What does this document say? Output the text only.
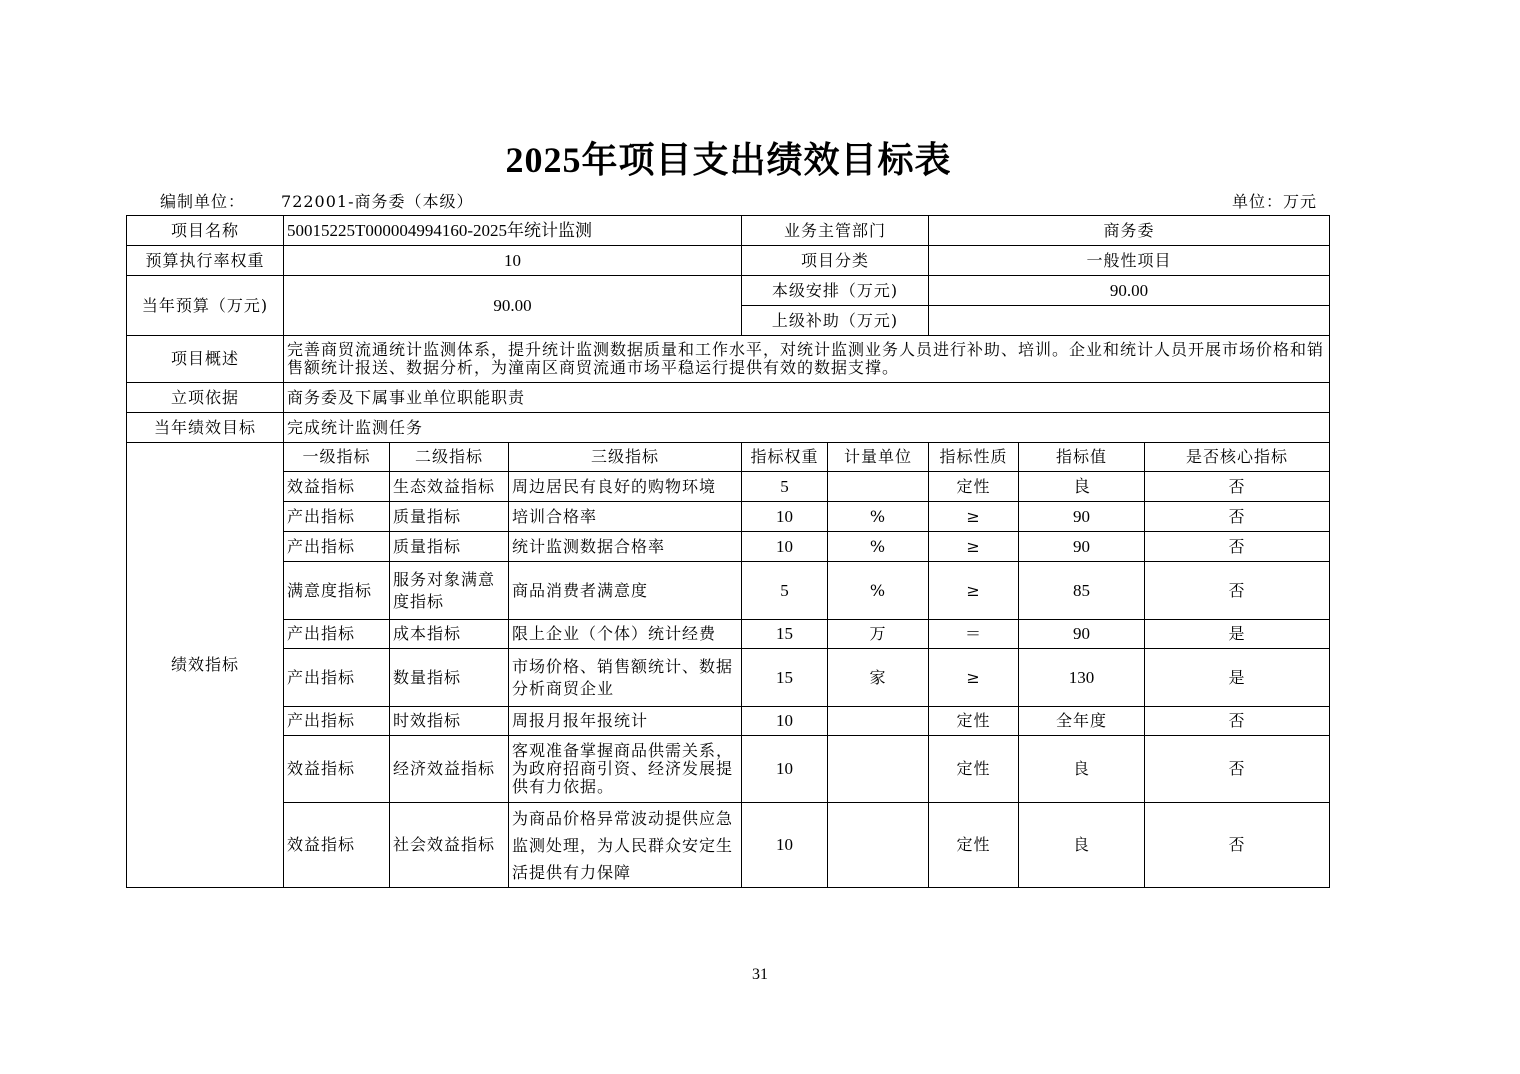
2025年项目支出绩效目标表
编制单位： 722001-商务委（本级）	单位：万元
项目名称	50015225T000004994160-2025年统计监测			业务主管部门		商务委		
预算执行率权重	10			项目分类		一般性项目		
当年预算（万元)	90.00			本级安排（万元)		90.00		
				上级补助（万元)				
项目概述	完善商贸流通统计监测体系，提升统计监测数据质量和工作水平，对统计监测业务人员进行补助、培训。企业和统计人员开展市场价格和销售额统计报送、数据分析，为潼南区商贸流通市场平稳运行提供有效的数据支撑。							
立项依据	商务委及下属事业单位职能职责							
当年绩效目标	完成统计监测任务							
绩效指标	一级指标	二级指标	三级指标	指标权重	计量单位	指标性质	指标值	是否核心指标
	效益指标	生态效益指标	周边居民有良好的购物环境	5		定性	良	否
	产出指标	质量指标	培训合格率	10	%	≥	90	否
	产出指标	质量指标	统计监测数据合格率	10	%	≥	90	否
	满意度指标	服务对象满意度指标	商品消费者满意度	5	%	≥	85	否
	产出指标	成本指标	限上企业（个体）统计经费	15	万	＝	90	是
	产出指标	数量指标	市场价格、销售额统计、数据分析商贸企业	15	家	≥	130	是
	产出指标	时效指标	周报月报年报统计	10		定性	全年度	否
	效益指标	经济效益指标	客观准备掌握商品供需关系，为政府招商引资、经济发展提供有力依据。	10		定性	良	否
	效益指标	社会效益指标	为商品价格异常波动提供应急监测处理，为人民群众安定生活提供有力保障	10		定性	良	否
31
